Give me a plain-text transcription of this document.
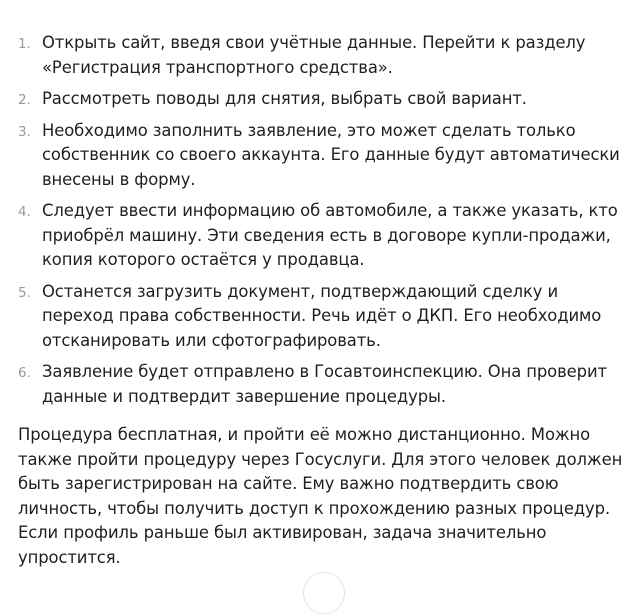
1. Открыть сайт, введя свои учётные данные. Перейти к разделу «Регистрация транспортного средства».
2. Рассмотреть поводы для снятия, выбрать свой вариант.
3. Необходимо заполнить заявление, это может сделать только собственник со своего аккаунта. Его данные будут автоматически внесены в форму.
4. Следует ввести информацию об автомобиле, а также указать, кто приобрёл машину. Эти сведения есть в договоре купли-продажи, копия которого остаётся у продавца.
5. Останется загрузить документ, подтверждающий сделку и переход права собственности. Речь идёт о ДКП. Его необходимо отсканировать или сфотографировать.
6. Заявление будет отправлено в Госавтоинспекцию. Она проверит данные и подтвердит завершение процедуры.

Процедура бесплатная, и пройти её можно дистанционно. Можно также пройти процедуру через Госуслуги. Для этого человек должен быть зарегистрирован на сайте. Ему важно подтвердить свою личность, чтобы получить доступ к прохождению разных процедур. Если профиль раньше был активирован, задача значительно упростится.
